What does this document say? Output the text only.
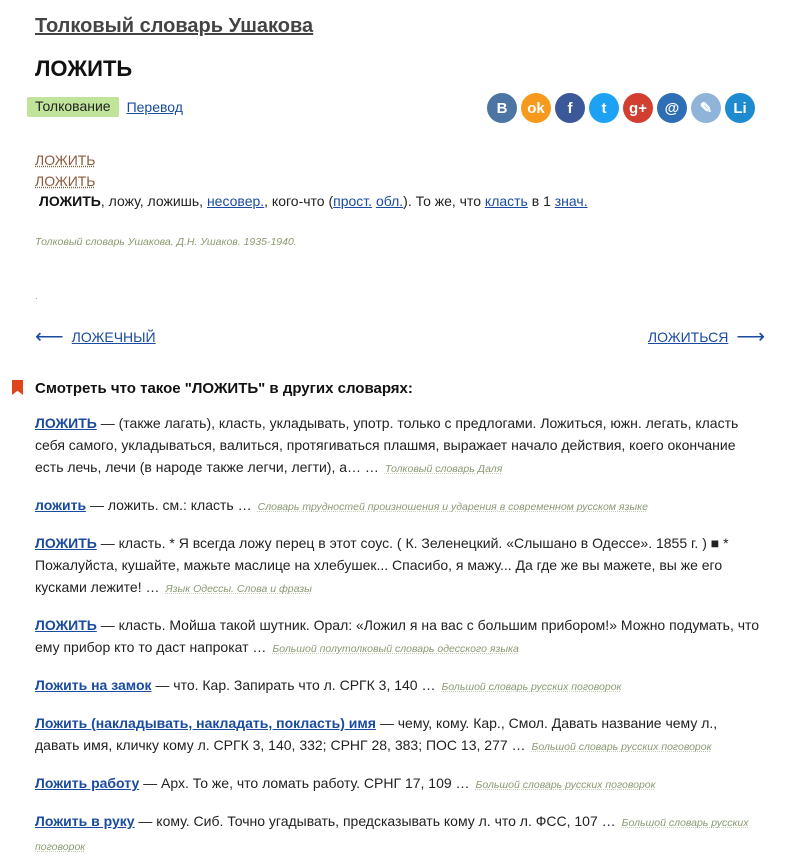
Толковый словарь Ушакова
ЛОЖИТЬ
Толкование	Перевод	B	ok	f	t	g+	@	✎	Li
ЛОЖИТЬ
ЛОЖИТЬ
ЛОЖИТЬ, ложу, ложишь, несовер., кого-что (прост. обл.). То же, что класть в 1 знач.
Толковый словарь Ушакова. Д.Н. Ушаков. 1935-1940.
.
⟵ ЛОЖЕЧНЫЙ	ЛОЖИТЬСЯ ⟶
Смотреть что такое "ЛОЖИТЬ" в других словарях:
ЛОЖИТЬ — (также лагать), класть, укладывать, употр. только с предлогами. Ложиться, южн. легать, класть себя самого, укладываться, валиться, протягиваться плашмя, выражает начало действия, коего окончание есть лечь, лечи (в народе также легчи, легти), а… … Толковый словарь Даля
ложить — ложить. см.: класть … Словарь трудностей произношения и ударения в современном русском языке
ЛОЖИТЬ — класть. * Я всегда ложу перец в этот соус. ( К. Зеленецкий. «Слышано в Одессе». 1855 г. ) ■ * Пожалуйста, кушайте, мажьте маслице на хлебушек... Спасибо, я мажу... Да где же вы мажете, вы же его кусками лежите! … Язык Одессы. Слова и фразы
ЛОЖИТЬ — класть. Мойша такой шутник. Орал: «Ложил я на вас с большим прибором!» Можно подумать, что ему прибор кто то даст напрокат … Большой полутолковый словарь одесского языка
Ложить на замок — что. Кар. Запирать что л. СРГК 3, 140 … Большой словарь русских поговорок
Ложить (накладывать, накладать, покласть) имя — чему, кому. Кар., Смол. Давать название чему л., давать имя, кличку кому л. СРГК 3, 140, 332; СРНГ 28, 383; ПОС 13, 277 … Большой словарь русских поговорок
Ложить работу — Арх. То же, что ломать работу. СРНГ 17, 109 … Большой словарь русских поговорок
Ложить в руку — кому. Сиб. Точно угадывать, предсказывать кому л. что л. ФСС, 107 … Большой словарь русских поговорок
